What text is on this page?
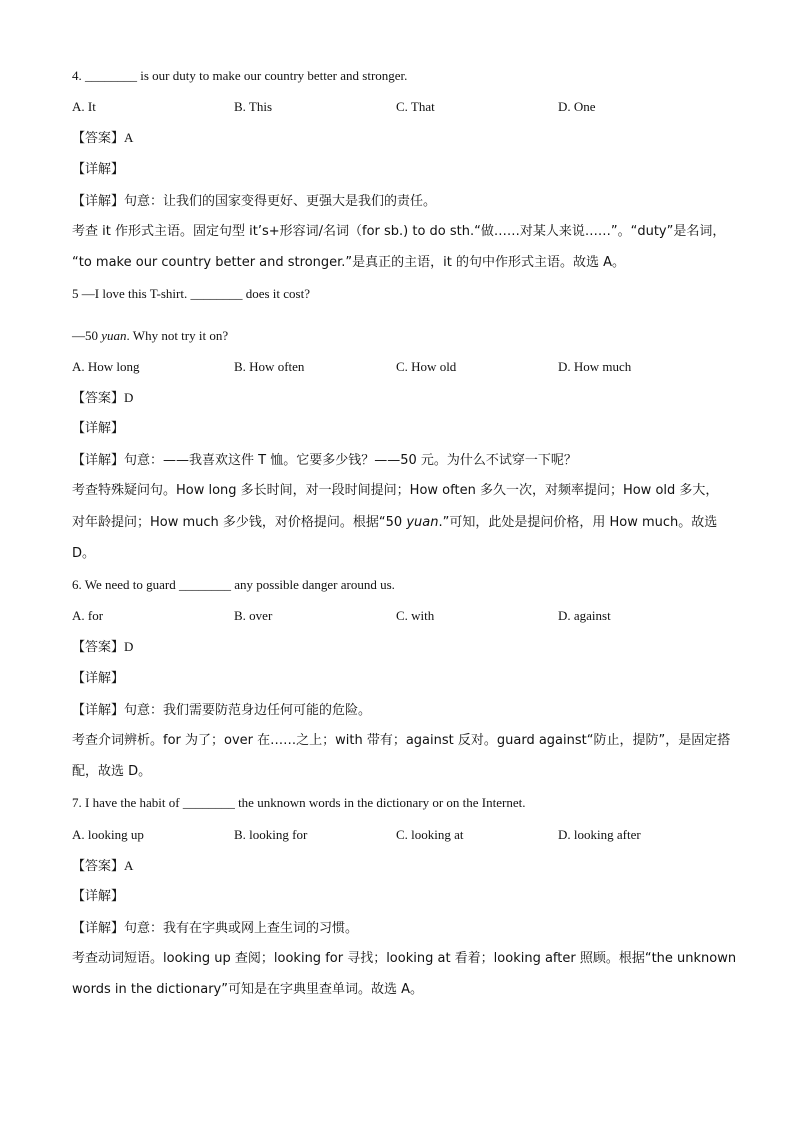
4. ________ is our duty to make our country better and stronger.
A. It	B. This	C. That	D. One
【答案】A
【详解】
【详解】句意：让我们的国家变得更好、更强大是我们的责任。
考查 it 作形式主语。固定句型 it’s+形容词/名词（for sb.) to do sth.“做……对某人来说……”。“duty”是名词，
“to make our country better and stronger.”是真正的主语，it 的句中作形式主语。故选 A。
5 —I love this T-shirt. ________ does it cost?
—50 yuan. Why not try it on?
A. How long	B. How often	C. How old	D. How much
【答案】D
【详解】
【详解】句意：——我喜欢这件 T 恤。它要多少钱？——50 元。为什么不试穿一下呢？
考查特殊疑问句。How long 多长时间，对一段时间提问；How often 多久一次，对频率提问；How old 多大，
对年龄提问；How much 多少钱，对价格提问。根据“50 yuan.”可知，此处是提问价格，用 How much。故选
D。
6. We need to guard ________ any possible danger around us.
A. for	B. over	C. with	D. against
【答案】D
【详解】
【详解】句意：我们需要防范身边任何可能的危险。
考查介词辨析。for 为了；over 在……之上；with 带有；against 反对。guard against“防止，提防”，是固定搭
配，故选 D。
7. I have the habit of ________ the unknown words in the dictionary or on the Internet.
A. looking up	B. looking for	C. looking at	D. looking after
【答案】A
【详解】
【详解】句意：我有在字典或网上查生词的习惯。
考查动词短语。looking up 查阅；looking for 寻找；looking at 看着；looking after 照顾。根据“the unknown
words in the dictionary”可知是在字典里查单词。故选 A。
